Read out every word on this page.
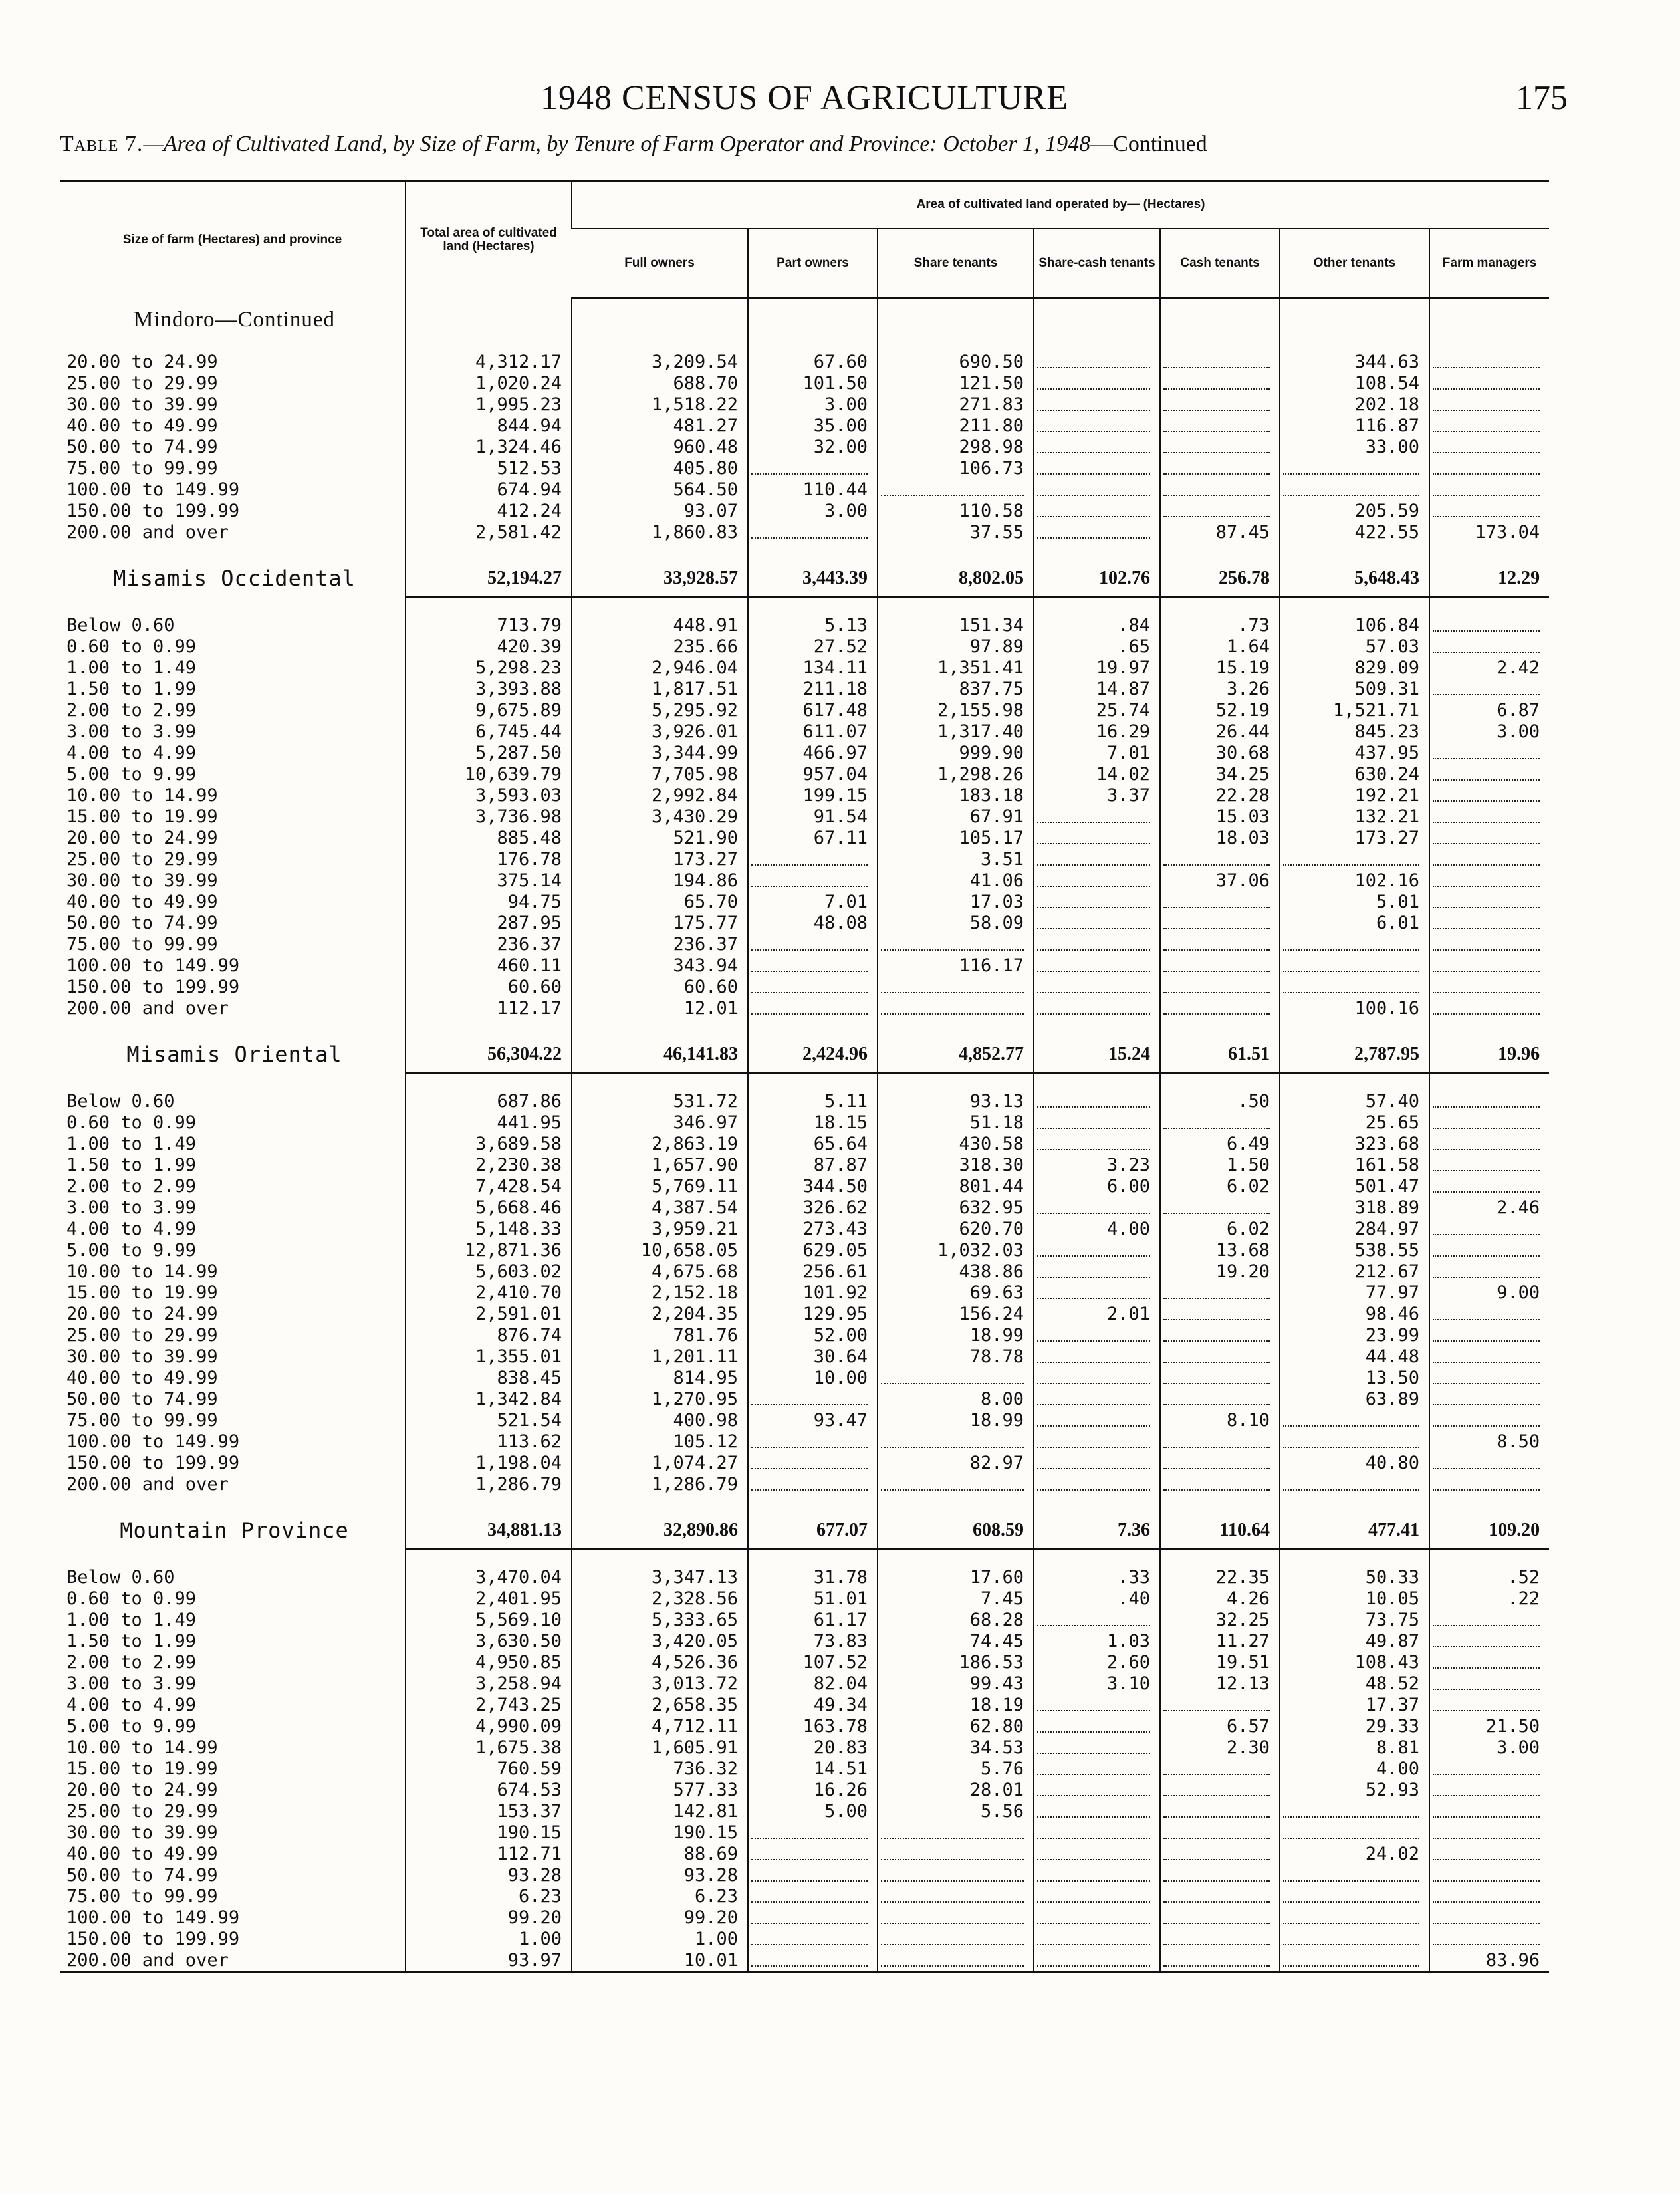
1948 CENSUS OF AGRICULTURE	175
Table 7.—Area of Cultivated Land, by Size of Farm, by Tenure of Farm Operator and Province: October 1, 1948—Continued
Size of farm (Hectares) and province	Total area of cultivated land (Hectares)	Area of cultivated land operated by— (Hectares)						
		Full owners	Part owners	Share tenants	Share-cash tenants	Cash tenants	Other tenants	Farm managers
Mindoro—Continued								

20.00 to 24.99	4,312.17	3,209.54	67.60	690.50			344.63	
25.00 to 29.99	1,020.24	688.70	101.50	121.50			108.54	
30.00 to 39.99	1,995.23	1,518.22	3.00	271.83			202.18	
40.00 to 49.99	844.94	481.27	35.00	211.80			116.87	
50.00 to 74.99	1,324.46	960.48	32.00	298.98			33.00	
75.00 to 99.99	512.53	405.80		106.73				
100.00 to 149.99	674.94	564.50	110.44					
150.00 to 199.99	412.24	93.07	3.00	110.58			205.59	
200.00 and over	2,581.42	1,860.83		37.55		87.45	422.55	173.04

Misamis Occidental	52,194.27	33,928.57	3,443.39	8,802.05	102.76	256.78	5,648.43	12.29

Below 0.60	713.79	448.91	5.13	151.34	.84	.73	106.84	
0.60 to 0.99	420.39	235.66	27.52	97.89	.65	1.64	57.03	
1.00 to 1.49	5,298.23	2,946.04	134.11	1,351.41	19.97	15.19	829.09	2.42
1.50 to 1.99	3,393.88	1,817.51	211.18	837.75	14.87	3.26	509.31	
2.00 to 2.99	9,675.89	5,295.92	617.48	2,155.98	25.74	52.19	1,521.71	6.87
3.00 to 3.99	6,745.44	3,926.01	611.07	1,317.40	16.29	26.44	845.23	3.00
4.00 to 4.99	5,287.50	3,344.99	466.97	999.90	7.01	30.68	437.95	
5.00 to 9.99	10,639.79	7,705.98	957.04	1,298.26	14.02	34.25	630.24	
10.00 to 14.99	3,593.03	2,992.84	199.15	183.18	3.37	22.28	192.21	
15.00 to 19.99	3,736.98	3,430.29	91.54	67.91		15.03	132.21	
20.00 to 24.99	885.48	521.90	67.11	105.17		18.03	173.27	
25.00 to 29.99	176.78	173.27		3.51				
30.00 to 39.99	375.14	194.86		41.06		37.06	102.16	
40.00 to 49.99	94.75	65.70	7.01	17.03			5.01	
50.00 to 74.99	287.95	175.77	48.08	58.09			6.01	
75.00 to 99.99	236.37	236.37						
100.00 to 149.99	460.11	343.94		116.17				
150.00 to 199.99	60.60	60.60						
200.00 and over	112.17	12.01					100.16	

Misamis Oriental	56,304.22	46,141.83	2,424.96	4,852.77	15.24	61.51	2,787.95	19.96

Below 0.60	687.86	531.72	5.11	93.13		.50	57.40	
0.60 to 0.99	441.95	346.97	18.15	51.18			25.65	
1.00 to 1.49	3,689.58	2,863.19	65.64	430.58		6.49	323.68	
1.50 to 1.99	2,230.38	1,657.90	87.87	318.30	3.23	1.50	161.58	
2.00 to 2.99	7,428.54	5,769.11	344.50	801.44	6.00	6.02	501.47	
3.00 to 3.99	5,668.46	4,387.54	326.62	632.95			318.89	2.46
4.00 to 4.99	5,148.33	3,959.21	273.43	620.70	4.00	6.02	284.97	
5.00 to 9.99	12,871.36	10,658.05	629.05	1,032.03		13.68	538.55	
10.00 to 14.99	5,603.02	4,675.68	256.61	438.86		19.20	212.67	
15.00 to 19.99	2,410.70	2,152.18	101.92	69.63			77.97	9.00
20.00 to 24.99	2,591.01	2,204.35	129.95	156.24	2.01		98.46	
25.00 to 29.99	876.74	781.76	52.00	18.99			23.99	
30.00 to 39.99	1,355.01	1,201.11	30.64	78.78			44.48	
40.00 to 49.99	838.45	814.95	10.00				13.50	
50.00 to 74.99	1,342.84	1,270.95		8.00			63.89	
75.00 to 99.99	521.54	400.98	93.47	18.99		8.10		
100.00 to 149.99	113.62	105.12						8.50
150.00 to 199.99	1,198.04	1,074.27		82.97			40.80	
200.00 and over	1,286.79	1,286.79						

Mountain Province	34,881.13	32,890.86	677.07	608.59	7.36	110.64	477.41	109.20

Below 0.60	3,470.04	3,347.13	31.78	17.60	.33	22.35	50.33	.52
0.60 to 0.99	2,401.95	2,328.56	51.01	7.45	.40	4.26	10.05	.22
1.00 to 1.49	5,569.10	5,333.65	61.17	68.28		32.25	73.75	
1.50 to 1.99	3,630.50	3,420.05	73.83	74.45	1.03	11.27	49.87	
2.00 to 2.99	4,950.85	4,526.36	107.52	186.53	2.60	19.51	108.43	
3.00 to 3.99	3,258.94	3,013.72	82.04	99.43	3.10	12.13	48.52	
4.00 to 4.99	2,743.25	2,658.35	49.34	18.19			17.37	
5.00 to 9.99	4,990.09	4,712.11	163.78	62.80		6.57	29.33	21.50
10.00 to 14.99	1,675.38	1,605.91	20.83	34.53		2.30	8.81	3.00
15.00 to 19.99	760.59	736.32	14.51	5.76			4.00	
20.00 to 24.99	674.53	577.33	16.26	28.01			52.93	
25.00 to 29.99	153.37	142.81	5.00	5.56				
30.00 to 39.99	190.15	190.15						
40.00 to 49.99	112.71	88.69					24.02	
50.00 to 74.99	93.28	93.28						
75.00 to 99.99	6.23	6.23						
100.00 to 149.99	99.20	99.20						
150.00 to 199.99	1.00	1.00						
200.00 and over	93.97	10.01						83.96
